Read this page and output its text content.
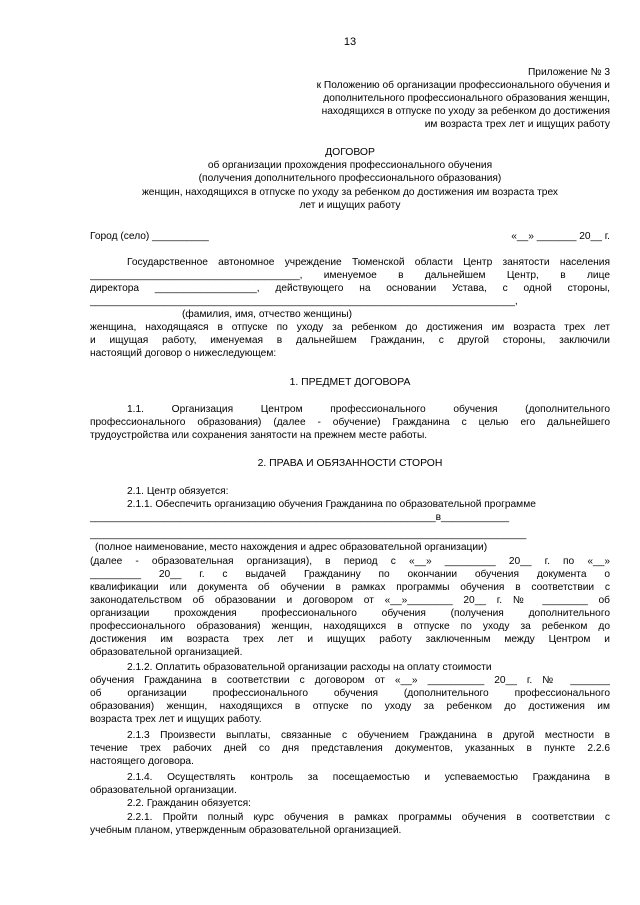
13
Приложение № 3
к Положению об организации профессионального обучения и
дополнительного профессионального образования женщин,
находящихся в отпуске по уходу за ребенком до достижения
им возраста трех лет и ищущих работу
ДОГОВОР
об организации прохождения профессионального обучения
(получения дополнительного профессионального образования)
женщин, находящихся в отпуске по уходу за ребенком до достижения им возраста трех
лет и ищущих работу
Город (село) __________	«__» _______ 20__ г.
Государственное автономное учреждение Тюменской области Центр занятости населения
_____________________________________, именуемое в дальнейшем Центр, в лице
директора __________________, действующего на основании Устава, с одной стороны,
___________________________________________________________________________,
(фамилия, имя, отчество женщины)
женщина, находящаяся в отпуске по уходу за ребенком до достижения им возраста трех лет
и ищущая работу, именуемая в дальнейшем Гражданин, с другой стороны, заключили
настоящий договор о нижеследующем:
1. ПРЕДМЕТ ДОГОВОРА
1.1. Организация Центром профессионального обучения (дополнительного
профессионального образования) (далее - обучение) Гражданина с целью его дальнейшего
трудоустройства или сохранения занятости на прежнем месте работы.
2. ПРАВА И ОБЯЗАННОСТИ СТОРОН
2.1. Центр обязуется:
2.1.1. Обеспечить организацию обучения Гражданина по образовательной программе
_____________________________________________________________в____________
_____________________________________________________________________________
(полное наименование, место нахождения и адрес образовательной организации)
(далее - образовательная организация), в период с «__» _________ 20__ г. по «__»
_________ 20__ г. с выдачей Гражданину по окончании обучения документа о
квалификации или документа об обучении в рамках программы обучения в соответствии с
законодательством об образовании и договором от «__»________ 20__ г. № ________ об
организации прохождения профессионального обучения (получения дополнительного
профессионального образования) женщин, находящихся в отпуске по уходу за ребенком до
достижения им возраста трех лет и ищущих работу заключенным между Центром и
образовательной организацией.
2.1.2. Оплатить образовательной организации расходы на оплату стоимости
обучения Гражданина в соответствии с договором от «__» __________ 20__ г. № _______
об организации профессионального обучения (дополнительного профессионального
образования) женщин, находящихся в отпуске по уходу за ребенком до достижения им
возраста трех лет и ищущих работу.
2.1.3 Произвести выплаты, связанные с обучением Гражданина в другой местности в
течение трех рабочих дней со дня представления документов, указанных в пункте 2.2.6
настоящего договора.
2.1.4. Осуществлять контроль за посещаемостью и успеваемостью Гражданина в
образовательной организации.
2.2. Гражданин обязуется:
2.2.1. Пройти полный курс обучения в рамках программы обучения в соответствии с
учебным планом, утвержденным образовательной организацией.
